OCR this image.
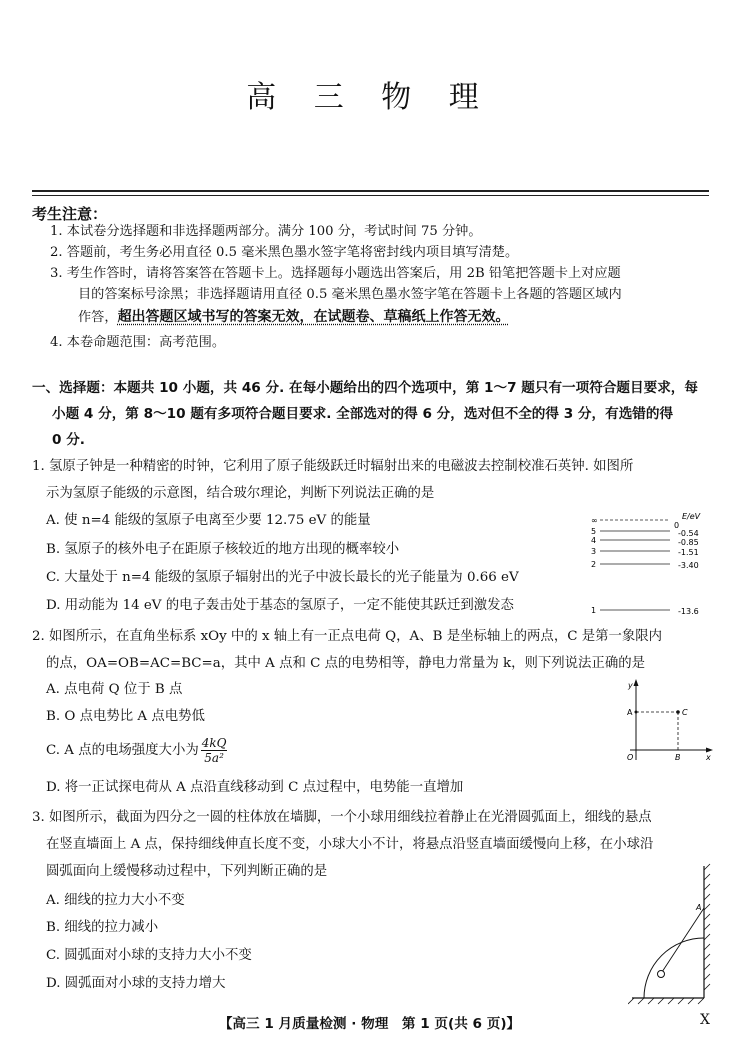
高 三 物 理
考生注意：
1. 本试卷分选择题和非选择题两部分。满分 100 分，考试时间 75 分钟。
2. 答题前，考生务必用直径 0.5 毫米黑色墨水签字笔将密封线内项目填写清楚。
3. 考生作答时，请将答案答在答题卡上。选择题每小题选出答案后，用 2B 铅笔把答题卡上对应题
目的答案标号涂黑；非选择题请用直径 0.5 毫米黑色墨水签字笔在答题卡上各题的答题区域内
作答，超出答题区域书写的答案无效，在试题卷、草稿纸上作答无效。
4. 本卷命题范围：高考范围。
一、选择题：本题共 10 小题，共 46 分. 在每小题给出的四个选项中，第 1～7 题只有一项符合题目要求，每
小题 4 分，第 8～10 题有多项符合题目要求. 全部选对的得 6 分，选对但不全的得 3 分，有选错的得
0 分.
1. 氢原子钟是一种精密的时钟，它利用了原子能级跃迁时辐射出来的电磁波去控制校准石英钟. 如图所
示为氢原子能级的示意图，结合玻尔理论，判断下列说法正确的是
A. 使 n=4 能级的氢原子电离至少要 12.75 eV 的能量
B. 氢原子的核外电子在距原子核较近的地方出现的概率较小
C. 大量处于 n=4 能级的氢原子辐射出的光子中波长最长的光子能量为 0.66 eV
D. 用动能为 14 eV 的电子轰击处于基态的氢原子，一定不能使其跃迁到激发态
∞
5
4
3
2
1
E/eV
0
-0.54
-0.85
-1.51
-3.40
-13.6
2. 如图所示，在直角坐标系 xOy 中的 x 轴上有一正点电荷 Q，A、B 是坐标轴上的两点，C 是第一象限内
的点，OA=OB=AC=BC=a，其中 A 点和 C 点的电势相等，静电力常量为 k，则下列说法正确的是
A. 点电荷 Q 位于 B 点
B. O 点电势比 A 点电势低
C. A 点的电场强度大小为 $\frac{4kQ}{\text{5a²}}$
D. 将一正试探电荷从 A 点沿直线移动到 C 点过程中，电势能一直增加
y
x
O
A
B
C
3. 如图所示，截面为四分之一圆的柱体放在墙脚，一个小球用细线拉着静止在光滑圆弧面上，细线的悬点
在竖直墙面上 A 点，保持细线伸直长度不变，小球大小不计，将悬点沿竖直墙面缓慢向上移，在小球沿
圆弧面向上缓慢移动过程中，下列判断正确的是
A. 细线的拉力大小不变
B. 细线的拉力减小
C. 圆弧面对小球的支持力大小不变
D. 圆弧面对小球的支持力增大
A
【高三 1 月质量检测 · 物理　第 1 页(共 6 页)】	X
